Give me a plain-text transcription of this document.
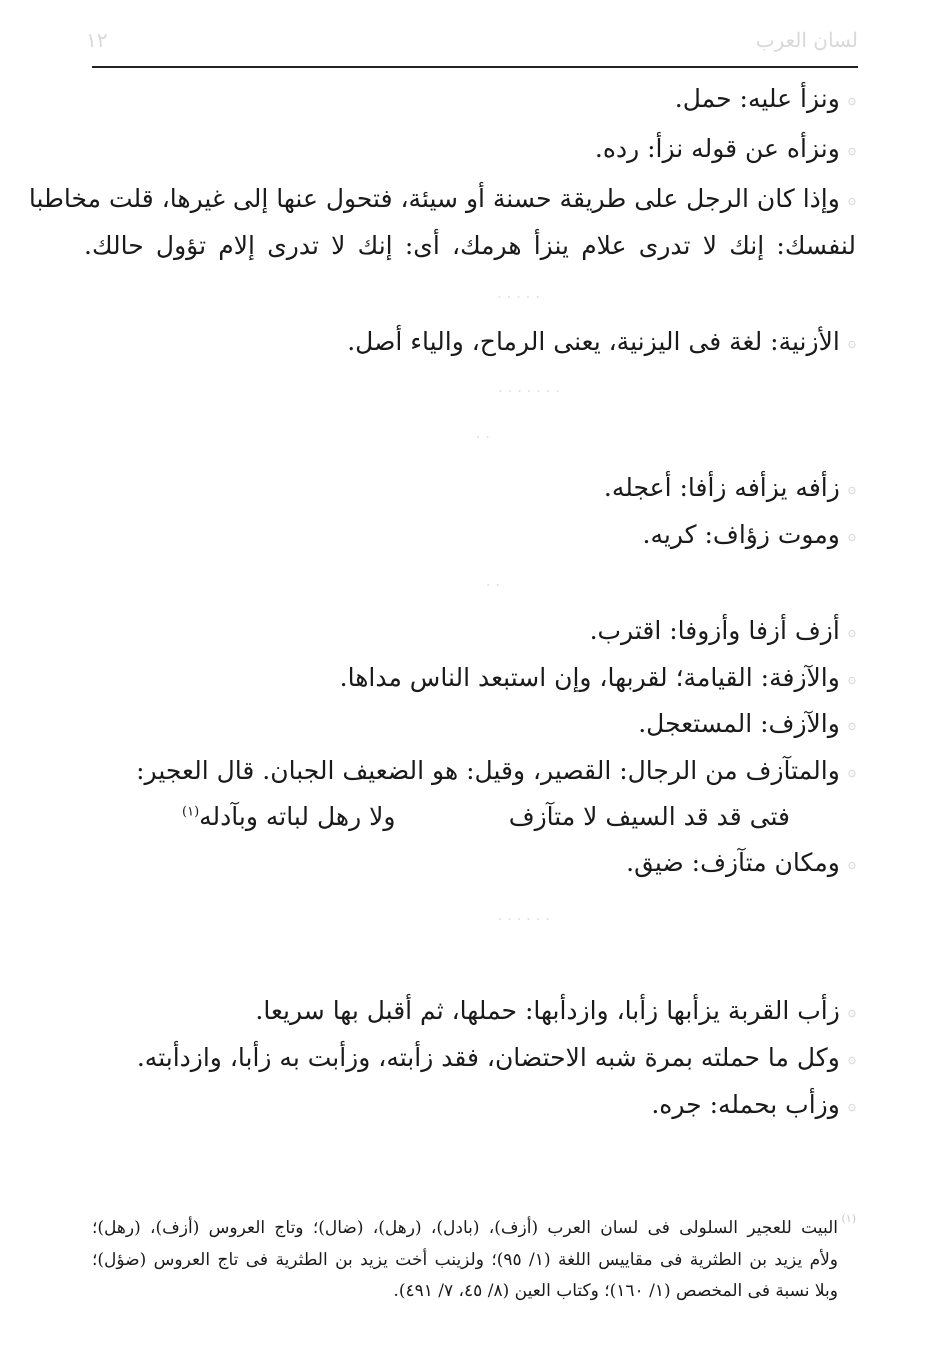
لسان العرب
١٢
۞ونزأ عليه: حمل.
۞ونزأه عن قوله نزأ: رده.
۞وإذا كان الرجل على طريقة حسنة أو سيئة، فتحول عنها إلى غيرها، قلت مخاطبا
لنفسك: إنك لا تدرى علام ينزأ هرمك، أى: إنك لا تدرى إلام تؤول حالك.
· · · · ·
۞الأزنية: لغة فى اليزنية، يعنى الرماح، والياء أصل.
· · · · · · ·
· ·
۞زأفه يزأفه زأفا: أعجله.
۞وموت زؤاف: كريه.
· ·
۞أزف أزفا وأزوفا: اقترب.
۞والآزفة: القيامة؛ لقربها، وإن استبعد الناس مداها.
۞والآزف: المستعجل.
۞والمتآزف من الرجال: القصير، وقيل: هو الضعيف الجبان. قال العجير:
فتى قد قد السيف لا متآزف
ولا رهل لباته وبآدله$^{(١)}$
۞ومكان متآزف: ضيق.
· · · · · ·
۞زأب القربة يزأبها زأبا، وازدأبها: حملها، ثم أقبل بها سريعا.
۞وكل ما حملته بمرة شبه الاحتضان، فقد زأبته، وزأبت به زأبا، وازدأبته.
۞وزأب بحمله: جره.
(١)
البيت للعجير السلولى فى لسان العرب (أزف)، (بادل)، (رهل)، (ضال)؛ وتاج العروس (أزف)، (رهل)؛
ولأم يزيد بن الطثرية فى مقاييس اللغة (١/ ٩٥)؛ ولزينب أخت يزيد بن الطثرية فى تاج العروس (ضؤل)؛
وبلا نسبة فى المخصص (١/ ١٦٠)؛ وكتاب العين (٨/ ٤٥، ٧/ ٤٩١).
